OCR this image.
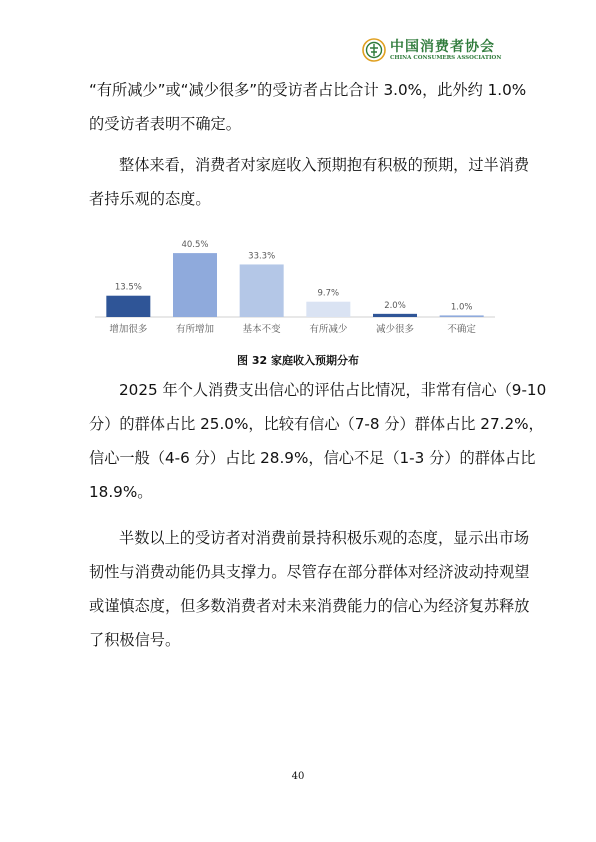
中国消费者协会
CHINA CONSUMERS ASSOCIATION
“有所减少”或“减少很多”的受访者占比合计 3.0%，此外约 1.0%
的受访者表明不确定。
整体来看，消费者对家庭收入预期抱有积极的预期，过半消费
者持乐观的态度。
13.5%
增加很多
40.5%
有所增加
33.3%
基本不变
9.7%
有所减少
2.0%
减少很多
1.0%
不确定
图 32 家庭收入预期分布
2025 年个人消费支出信心的评估占比情况，非常有信心（9-10
分）的群体占比 25.0%，比较有信心（7-8 分）群体占比 27.2%，
信心一般（4-6 分）占比 28.9%，信心不足（1-3 分）的群体占比
18.9%。
半数以上的受访者对消费前景持积极乐观的态度，显示出市场
韧性与消费动能仍具支撑力。尽管存在部分群体对经济波动持观望
或谨慎态度，但多数消费者对未来消费能力的信心为经济复苏释放
了积极信号。
40
